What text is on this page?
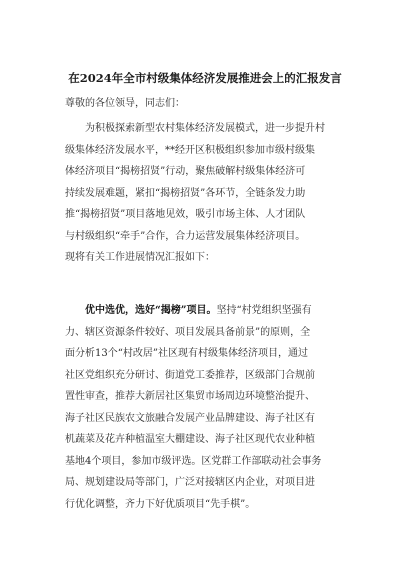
在2024年全市村级集体经济发展推进会上的汇报发言
尊敬的各位领导，同志们：
为积极探索新型农村集体经济发展模式，进一步提升村
级集体经济发展水平，**经开区积极组织参加市级村级集
体经济项目“揭榜招贤”行动，聚焦破解村级集体经济可
持续发展难题，紧扣“揭榜招贤”各环节，全链条发力助
推“揭榜招贤”项目落地见效，吸引市场主体、人才团队
与村级组织“牵手”合作，合力运营发展集体经济项目。
现将有关工作进展情况汇报如下：
优中选优，选好“揭榜”项目。坚持“村党组织坚强有
力、辖区资源条件较好、项目发展具备前景”的原则，全
面分析13个“村改居”社区现有村级集体经济项目，通过
社区党组织充分研讨、街道党工委推荐，区级部门合规前
置性审查，推荐大新居社区集贸市场周边环境整治提升、
海子社区民族农文旅融合发展产业品牌建设、海子社区有
机蔬菜及花卉种植温室大棚建设、海子社区现代农业种植
基地4个项目，参加市级评选。区党群工作部联动社会事务
局、规划建设局等部门，广泛对接辖区内企业，对项目进
行优化调整，齐力下好优质项目“先手棋”。
